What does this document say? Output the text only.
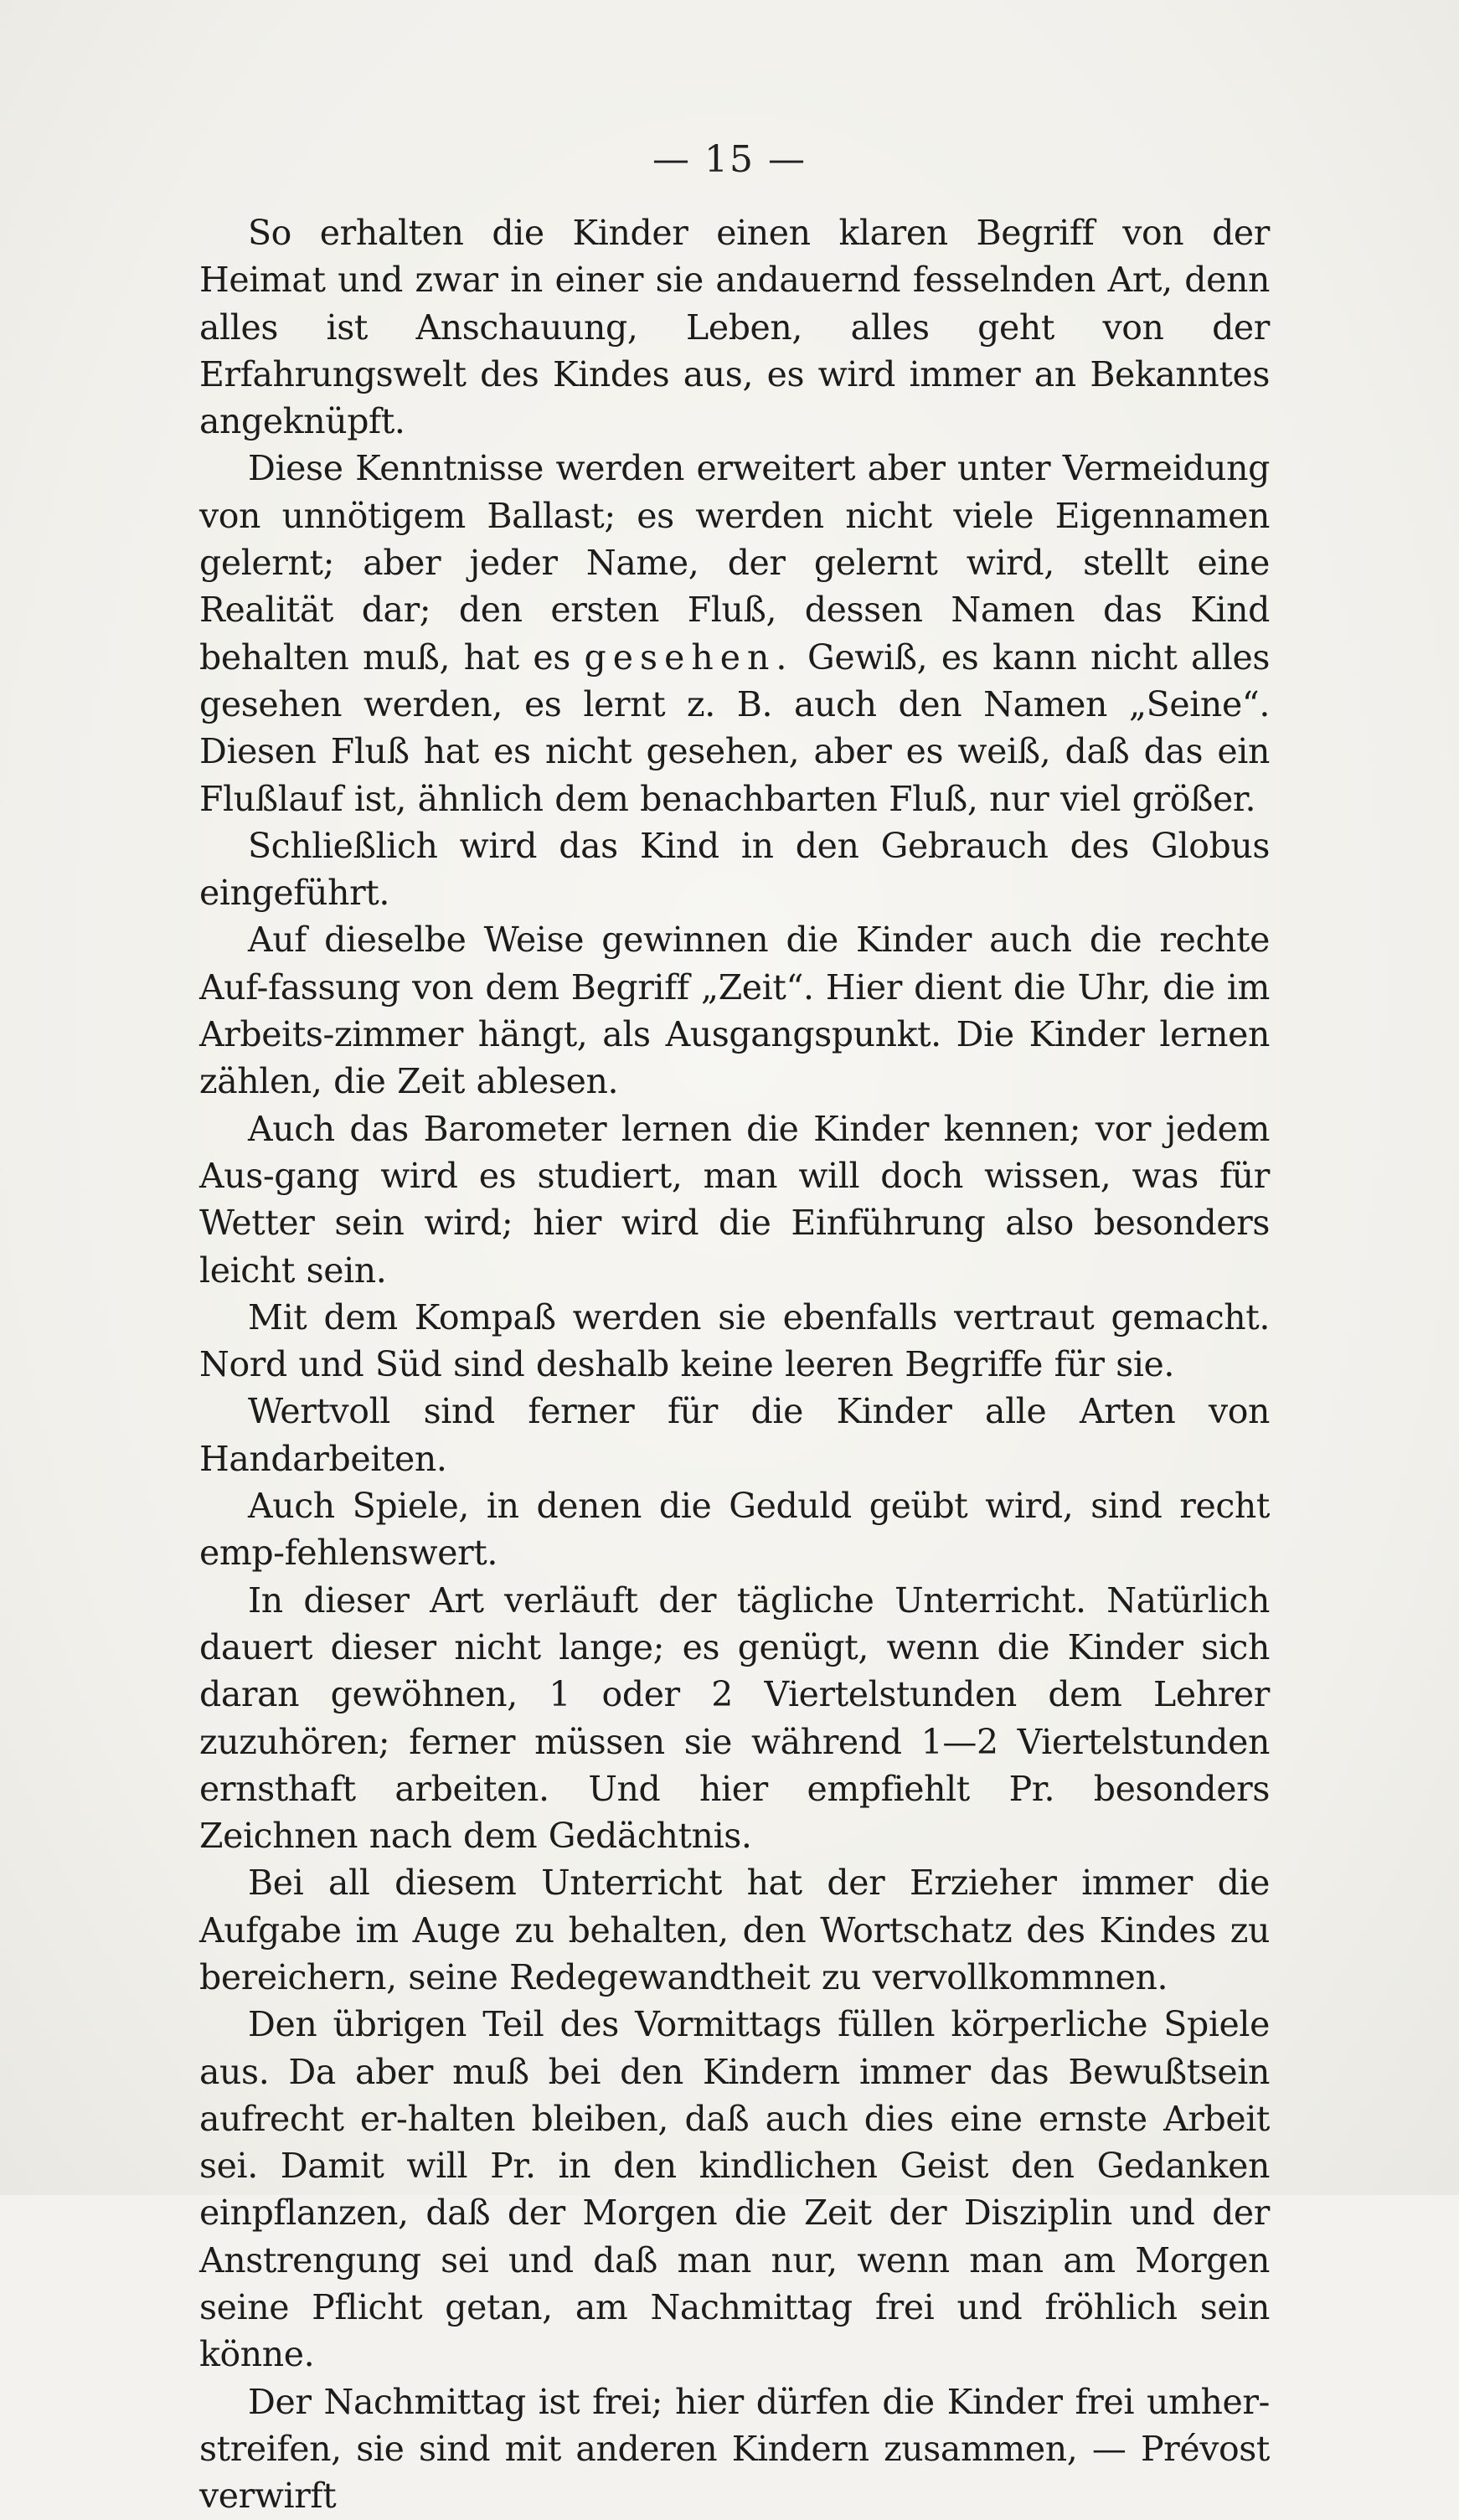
— 15 —

So erhalten die Kinder einen klaren Begriff von der Heimat und zwar in einer sie andauernd fesselnden Art, denn alles ist Anschauung, Leben, alles geht von der Erfahrungswelt des Kindes aus, es wird immer an Bekanntes angeknüpft.

Diese Kenntnisse werden erweitert aber unter Vermeidung von unnötigem Ballast; es werden nicht viele Eigennamen gelernt; aber jeder Name, der gelernt wird, stellt eine Realität dar; den ersten Fluß, dessen Namen das Kind behalten muß, hat es gesehen. Gewiß, es kann nicht alles gesehen werden, es lernt z. B. auch den Namen „Seine“. Diesen Fluß hat es nicht gesehen, aber es weiß, daß das ein Flußlauf ist, ähnlich dem benachbarten Fluß, nur viel größer.

Schließlich wird das Kind in den Gebrauch des Globus eingeführt.

Auf dieselbe Weise gewinnen die Kinder auch die rechte Auf-fassung von dem Begriff „Zeit“. Hier dient die Uhr, die im Arbeits-zimmer hängt, als Ausgangspunkt. Die Kinder lernen zählen, die Zeit ablesen.

Auch das Barometer lernen die Kinder kennen; vor jedem Aus-gang wird es studiert, man will doch wissen, was für Wetter sein wird; hier wird die Einführung also besonders leicht sein.

Mit dem Kompaß werden sie ebenfalls vertraut gemacht. Nord und Süd sind deshalb keine leeren Begriffe für sie.

Wertvoll sind ferner für die Kinder alle Arten von Handarbeiten.

Auch Spiele, in denen die Geduld geübt wird, sind recht emp-fehlenswert.

In dieser Art verläuft der tägliche Unterricht. Natürlich dauert dieser nicht lange; es genügt, wenn die Kinder sich daran gewöhnen, 1 oder 2 Viertelstunden dem Lehrer zuzuhören; ferner müssen sie während 1—2 Viertelstunden ernsthaft arbeiten. Und hier empfiehlt Pr. besonders Zeichnen nach dem Gedächtnis.

Bei all diesem Unterricht hat der Erzieher immer die Aufgabe im Auge zu behalten, den Wortschatz des Kindes zu bereichern, seine Redegewandtheit zu vervollkommnen.

Den übrigen Teil des Vormittags füllen körperliche Spiele aus. Da aber muß bei den Kindern immer das Bewußtsein aufrecht er-halten bleiben, daß auch dies eine ernste Arbeit sei. Damit will Pr. in den kindlichen Geist den Gedanken einpflanzen, daß der Morgen die Zeit der Disziplin und der Anstrengung sei und daß man nur, wenn man am Morgen seine Pflicht getan, am Nachmittag frei und fröhlich sein könne.

Der Nachmittag ist frei; hier dürfen die Kinder frei umher-streifen, sie sind mit anderen Kindern zusammen, — Prévost verwirft
